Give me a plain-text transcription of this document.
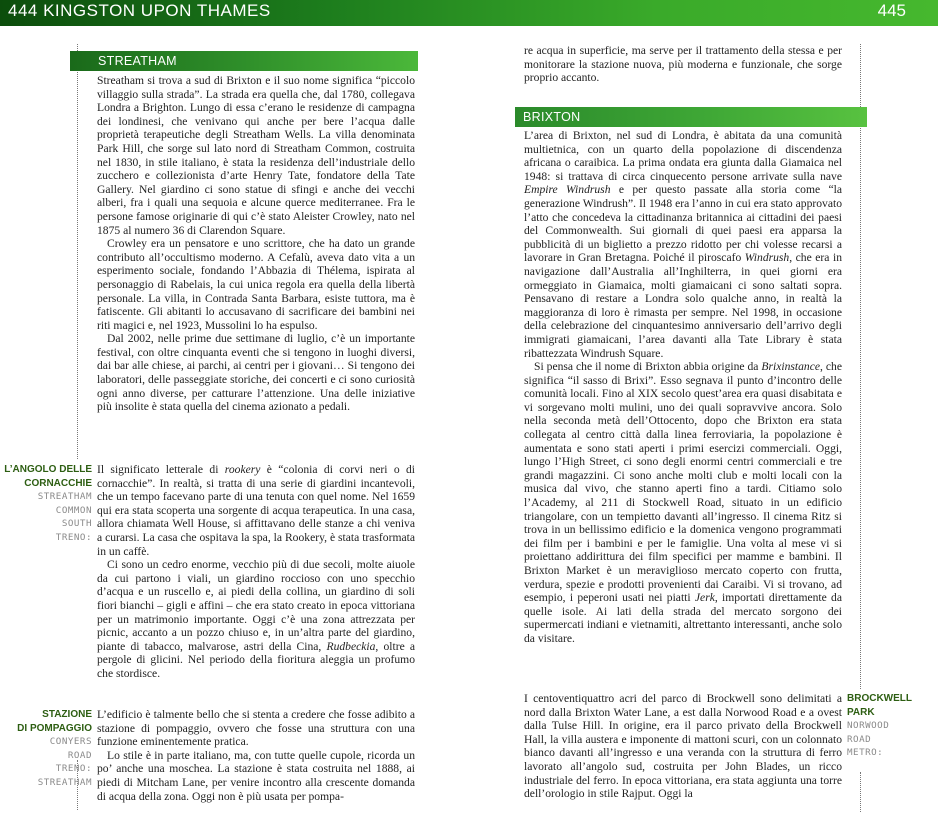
444 KINGSTON UPON THAMES	445
STREATHAM

Streatham si trova a sud di Brixton e il suo nome significa “piccolo villaggio sulla strada”. La strada era quella che, dal 1780, collegava Londra a Brighton. Lungo di essa c’erano le residenze di campagna dei londinesi, che venivano qui anche per bere l’acqua dalle proprietà terapeutiche degli Streatham Wells. La villa denominata Park Hill, che sorge sul lato nord di Streatham Common, costruita nel 1830, in stile italiano, è stata la residenza dell’industriale dello zucchero e collezionista d’arte Henry Tate, fondatore della Tate Gallery. Nel giardino ci sono statue di sfingi e anche dei vecchi alberi, fra i quali una sequoia e alcune querce mediterranee. Fra le persone famose originarie di qui c’è stato Aleister Crowley, nato nel 1875 al numero 36 di Clarendon Square.

Crowley era un pensatore e uno scrittore, che ha dato un grande contributo all’occultismo moderno. A Cefalù, aveva dato vita a un esperimento sociale, fondando l’Abbazia di Thélema, ispirata al personaggio di Rabelais, la cui unica regola era quella della libertà personale. La villa, in Contrada Santa Barbara, esiste tuttora, ma è fatiscente. Gli abitanti lo accusavano di sacrificare dei bambini nei riti magici e, nel 1923, Mussolini lo ha espulso.

Dal 2002, nelle prime due settimane di luglio, c’è un importante festival, con oltre cinquanta eventi che si tengono in luoghi diversi, dai bar alle chiese, ai parchi, ai centri per i giovani… Si tengono dei laboratori, delle passeggiate storiche, dei concerti e ci sono curiosità ogni anno diverse, per catturare l’attenzione. Una delle iniziative più insolite è stata quella del cinema azionato a pedali.

L’ANGOLO DELLE
CORNACCHIE
STREATHAM
COMMON
SOUTH
TRENO:

Il significato letterale di rookery è “colonia di corvi neri o di cornacchie”. In realtà, si tratta di una serie di giardini incantevoli, che un tempo facevano parte di una tenuta con quel nome. Nel 1659 qui era stata scoperta una sorgente di acqua terapeutica. In una casa, allora chiamata Well House, si affittavano delle stanze a chi veniva a curarsi. La casa che ospitava la spa, la Rookery, è stata trasformata in un caffè.

Ci sono un cedro enorme, vecchio più di due secoli, molte aiuole da cui partono i viali, un giardino roccioso con uno specchio d’acqua e un ruscello e, ai piedi della collina, un giardino di soli fiori bianchi – gigli e affini – che era stato creato in epoca vittoriana per un matrimonio importante. Oggi c’è una zona attrezzata per picnic, accanto a un pozzo chiuso e, in un’altra parte del giardino, piante di tabacco, malvarose, astri della Cina, Rudbeckia, oltre a pergole di glicini. Nel periodo della fioritura aleggia un profumo che stordisce.

STAZIONE
DI POMPAGGIO
CONYERS
ROAD
TRENO:
STREATHAM

L’edificio è talmente bello che si stenta a credere che fosse adibito a stazione di pompaggio, ovvero che fosse una struttura con una funzione eminentemente pratica.

Lo stile è in parte italiano, ma, con tutte quelle cupole, ricorda un po’ anche una moschea. La stazione è stata costruita nel 1888, ai piedi di Mitcham Lane, per venire incontro alla crescente domanda di acqua della zona. Oggi non è più usata per pompa-

re acqua in superficie, ma serve per il trattamento della stessa e per monitorare la stazione nuova, più moderna e funzionale, che sorge proprio accanto.

BRIXTON

L’area di Brixton, nel sud di Londra, è abitata da una comunità multietnica, con un quarto della popolazione di discendenza africana o caraibica. La prima ondata era giunta dalla Giamaica nel 1948: si trattava di circa cinquecento persone arrivate sulla nave Empire Windrush e per questo passate alla storia come “la generazione Windrush”. Il 1948 era l’anno in cui era stato approvato l’atto che concedeva la cittadinanza britannica ai cittadini dei paesi del Commonwealth. Sui giornali di quei paesi era apparsa la pubblicità di un biglietto a prezzo ridotto per chi volesse recarsi a lavorare in Gran Bretagna. Poiché il piroscafo Windrush, che era in navigazione dall’Australia all’Inghilterra, in quei giorni era ormeggiato in Giamaica, molti giamaicani ci sono saltati sopra. Pensavano di restare a Londra solo qualche anno, in realtà la maggioranza di loro è rimasta per sempre. Nel 1998, in occasione della celebrazione del cinquantesimo anniversario dell’arrivo degli immigrati giamaicani, l’area davanti alla Tate Library è stata ribattezzata Windrush Square.

Si pensa che il nome di Brixton abbia origine da Brixinstance, che significa “il sasso di Brixi”. Esso segnava il punto d’incontro delle comunità locali. Fino al XIX secolo quest’area era quasi disabitata e vi sorgevano molti mulini, uno dei quali sopravvive ancora. Solo nella seconda metà dell’Ottocento, dopo che Brixton era stata collegata al centro città dalla linea ferroviaria, la popolazione è aumentata e sono stati aperti i primi esercizi commerciali. Oggi, lungo l’High Street, ci sono degli enormi centri commerciali e tre grandi magazzini. Ci sono anche molti club e molti locali con la musica dal vivo, che stanno aperti fino a tardi. Citiamo solo l’Academy, al 211 di Stockwell Road, situato in un edificio triangolare, con un tempietto davanti all’ingresso. Il cinema Ritz si trova in un bellissimo edificio e la domenica vengono programmati dei film per i bambini e per le famiglie. Una volta al mese vi si proiettano addirittura dei film specifici per mamme e bambini. Il Brixton Market è un meraviglioso mercato coperto con frutta, verdura, spezie e prodotti provenienti dai Caraibi. Vi si trovano, ad esempio, i peperoni usati nei piatti Jerk, importati direttamente da quelle isole. Ai lati della strada del mercato sorgono dei supermercati indiani e vietnamiti, altrettanto interessanti, anche solo da visitare.

I centoventiquattro acri del parco di Brockwell sono delimitati a nord dalla Brixton Water Lane, a est dalla Norwood Road e a ovest dalla Tulse Hill. In origine, era il parco privato della Brockwell Hall, la villa austera e imponente di mattoni scuri, con un colonnato bianco davanti all’ingresso e una veranda con la struttura di ferro lavorato all’angolo sud, costruita per John Blades, un ricco industriale del ferro. In epoca vittoriana, era stata aggiunta una torre dell’orologio in stile Rajput. Oggi la

BROCKWELL
PARK
NORWOOD
ROAD
METRO:
